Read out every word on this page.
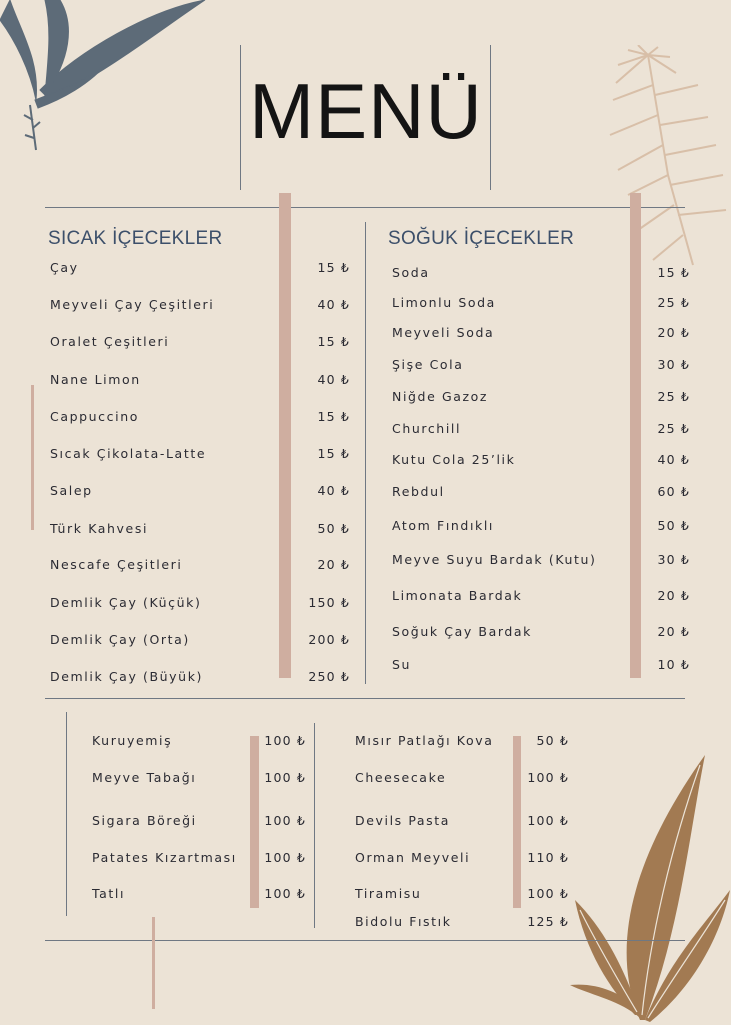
MENÜ
SICAK İÇECEKLER	SOĞUK İÇECEKLER
Çay	15 ₺
Meyveli Çay Çeşitleri	40 ₺
Oralet Çeşitleri	15 ₺
Nane Limon	40 ₺
Cappuccino	15 ₺
Sıcak Çikolata-Latte	15 ₺
Salep	40 ₺
Türk Kahvesi	50 ₺
Nescafe Çeşitleri	20 ₺
Demlik Çay (Küçük)	150 ₺
Demlik Çay (Orta)	200 ₺
Demlik Çay (Büyük)	250 ₺
Soda	15 ₺
Limonlu Soda	25 ₺
Meyveli Soda	20 ₺
Şişe Cola	30 ₺
Niğde Gazoz	25 ₺
Churchill	25 ₺
Kutu Cola 25’lik	40 ₺
Rebdul	60 ₺
Atom Fındıklı	50 ₺
Meyve Suyu Bardak (Kutu)	30 ₺
Limonata Bardak	20 ₺
Soğuk Çay Bardak	20 ₺
Su	10 ₺
Kuruyemiş	100 ₺
Meyve Tabağı	100 ₺
Sigara Böreği	100 ₺
Patates Kızartması 100 ₺
Tatlı	100 ₺
Mısır Patlağı Kova	50 ₺
Cheesecake	100 ₺
Devils Pasta	100 ₺
Orman Meyveli	110 ₺
Tiramisu	100 ₺
Bidolu Fıstık	125 ₺
